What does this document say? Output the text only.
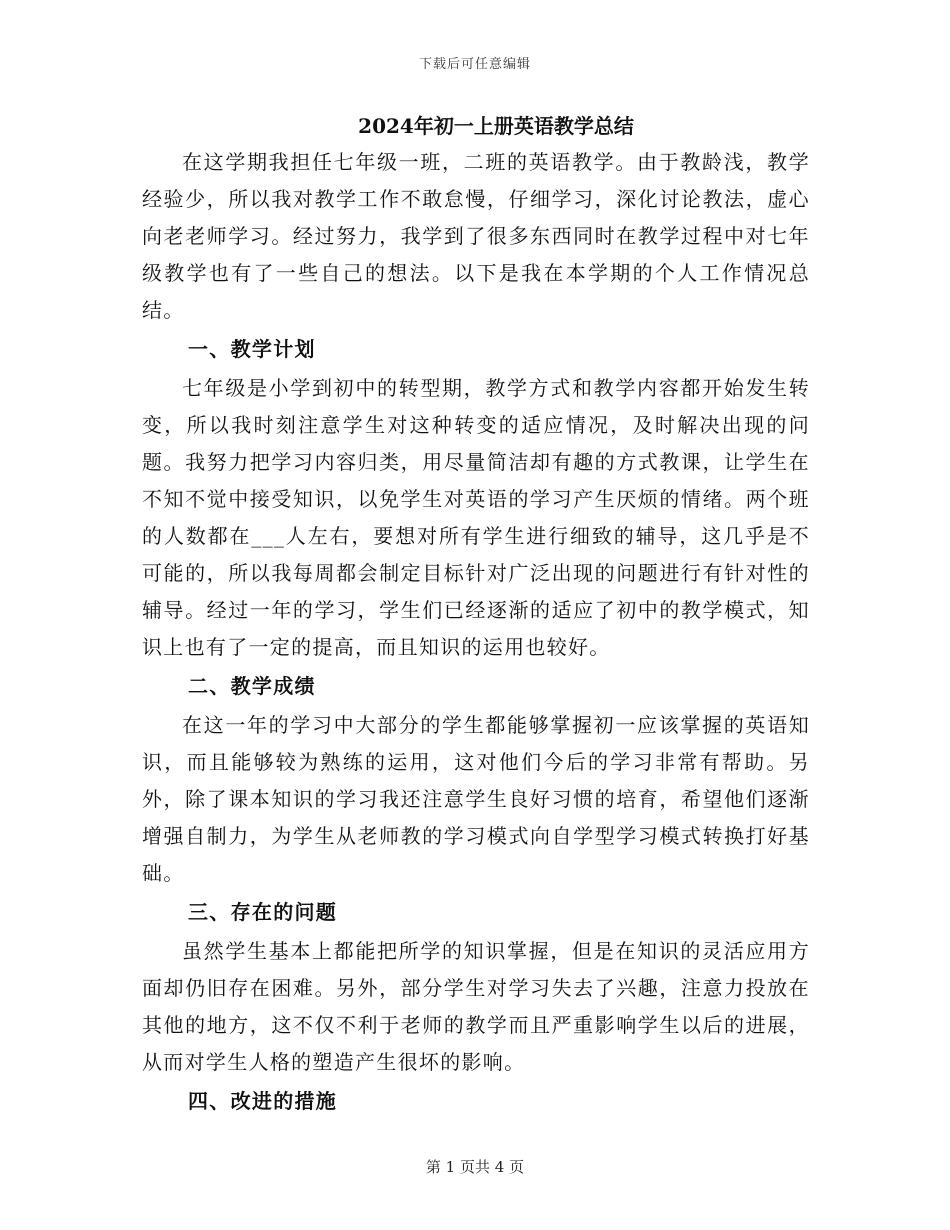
下载后可任意编辑
2024年初一上册英语教学总结

在这学期我担任七年级一班，二班的英语教学。由于教龄浅，教学经验少，所以我对教学工作不敢怠慢，仔细学习，深化讨论教法，虚心向老老师学习。经过努力，我学到了很多东西同时在教学过程中对七年级教学也有了一些自己的想法。以下是我在本学期的个人工作情况总结。

一、教学计划

七年级是小学到初中的转型期，教学方式和教学内容都开始发生转变，所以我时刻注意学生对这种转变的适应情况，及时解决出现的问题。我努力把学习内容归类，用尽量简洁却有趣的方式教课，让学生在不知不觉中接受知识，以免学生对英语的学习产生厌烦的情绪。两个班的人数都在___人左右，要想对所有学生进行细致的辅导，这几乎是不可能的，所以我每周都会制定目标针对广泛出现的问题进行有针对性的辅导。经过一年的学习，学生们已经逐渐的适应了初中的教学模式，知识上也有了一定的提高，而且知识的运用也较好。

二、教学成绩

在这一年的学习中大部分的学生都能够掌握初一应该掌握的英语知识，而且能够较为熟练的运用，这对他们今后的学习非常有帮助。另外，除了课本知识的学习我还注意学生良好习惯的培育，希望他们逐渐增强自制力，为学生从老师教的学习模式向自学型学习模式转换打好基础。

三、存在的问题

虽然学生基本上都能把所学的知识掌握，但是在知识的灵活应用方面却仍旧存在困难。另外，部分学生对学习失去了兴趣，注意力投放在其他的地方，这不仅不利于老师的教学而且严重影响学生以后的进展，从而对学生人格的塑造产生很坏的影响。

四、改进的措施
第 1 页共 4 页
